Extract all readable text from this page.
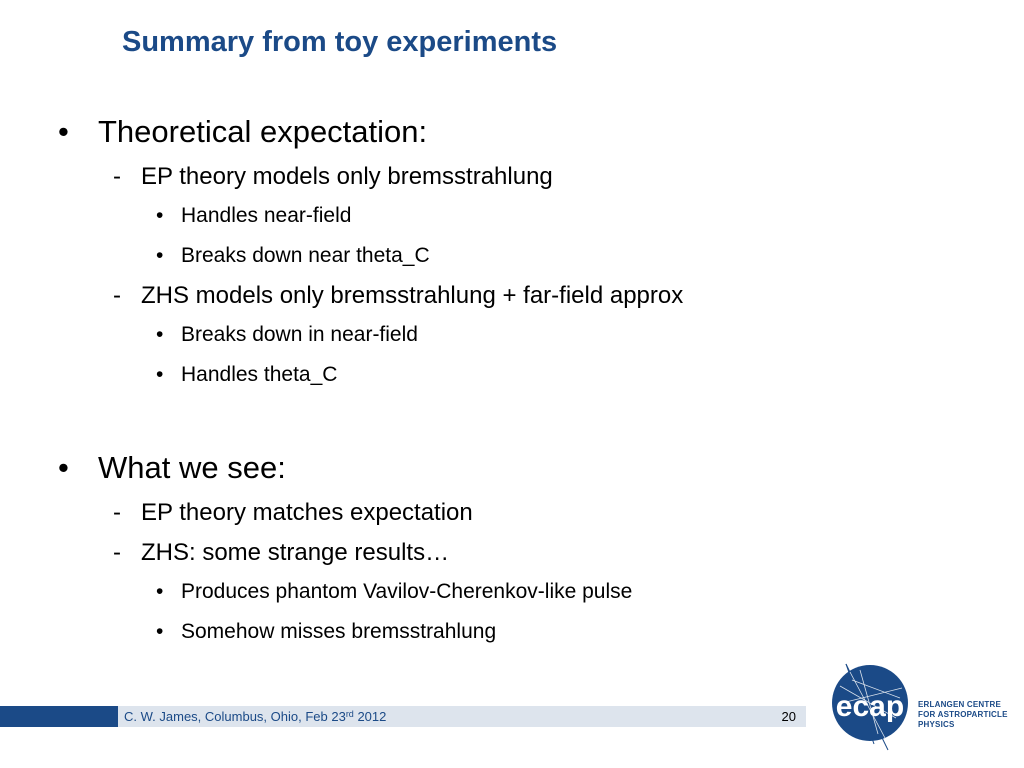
Summary from toy experiments
• Theoretical expectation:
- EP theory models only bremsstrahlung
• Handles near-field
• Breaks down near theta_C
- ZHS models only bremsstrahlung + far-field approx
• Breaks down in near-field
• Handles theta_C
• What we see:
- EP theory matches expectation
- ZHS: some strange results…
• Produces phantom Vavilov-Cherenkov-like pulse
• Somehow misses bremsstrahlung
C. W. James, Columbus, Ohio, Feb 23rd 2012	20 ecap ERLANGEN CENTRE
FOR ASTROPARTICLE
PHYSICS
